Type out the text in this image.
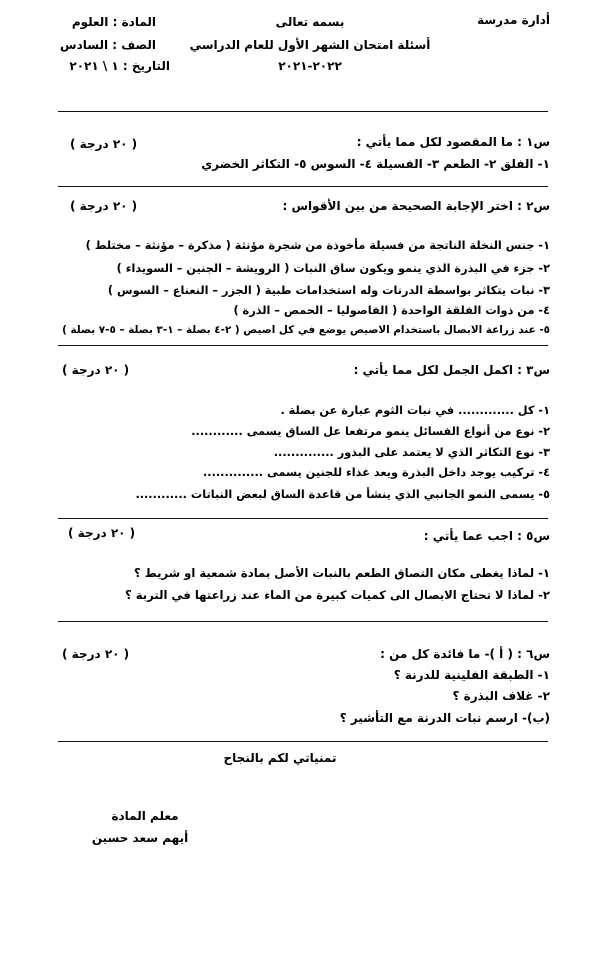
أدارة مدرسة
بسمه تعالى
أسئلة امتحان الشهر الأول للعام الدراسي
٢٠٢٢-٢٠٢١
المادة : العلوم
الصف : السادس
التاريخ : ١ \ ٢٠٢١
س١ : ما المقصود لكل مما يأتي :
( ٢٠ درجة )
١- الفلق ٢- الطعم ٣- الفسيلة ٤- السوس ٥- التكاثر الخضري
س٢ : اختر الإجابة الصحيحة من بين الأقواس :
( ٢٠ درجة )
١- جنس النخلة الناتجة من فسيلة مأخوذة من شجرة مؤنثة ( مذكرة – مؤنثة – مختلط )
٢- جزء في البذرة الذي ينمو ويكون ساق النبات ( الرويشة – الجنين – السويداء )
٣- نبات يتكاثر بواسطة الدرنات وله استخدامات طبية ( الجزر – النعناع – السوس )
٤- من ذوات الفلقة الواحدة ( الفاصوليا – الحمص – الذرة )
٥- عند زراعة الابصال باستخدام الاصيص يوضع في كل اصيص ( ٢-٤ بصلة – ١-٣ بصلة – ٥-٧ بصلة )
س٣ : اكمل الجمل لكل مما يأتي :
( ٢٠ درجة )
١- كل ............. في نبات الثوم عبارة عن بصلة .
٢- نوع من أنواع الفسائل ينمو مرتفعا عل الساق يسمى ............
٣- نوع التكاثر الذي لا يعتمد على البذور ..............
٤- تركيب يوجد داخل البذرة ويعد غذاء للجنين يسمى ..............
٥- يسمى النمو الجانبي الذي ينشأ من قاعدة الساق لبعض النباتات ............
س٥ : اجب عما يأتي :
( ٢٠ درجة )
١- لماذا يغطى مكان التصاق الطعم بالنبات الأصل بمادة شمعية او شريط ؟
٢- لماذا لا تحتاج الابصال الى كميات كبيرة من الماء عند زراعتها في التربة ؟
س٦ : ( أ )- ما فائدة كل من :
( ٢٠ درجة )
١- الطبقة الفلينية للدرنة ؟
٢- غلاف البذرة ؟
(ب)- ارسم نبات الدرنة مع التأشير ؟
تمنياتي لكم بالنجاح
معلم المادة
أيهم سعد حسين
